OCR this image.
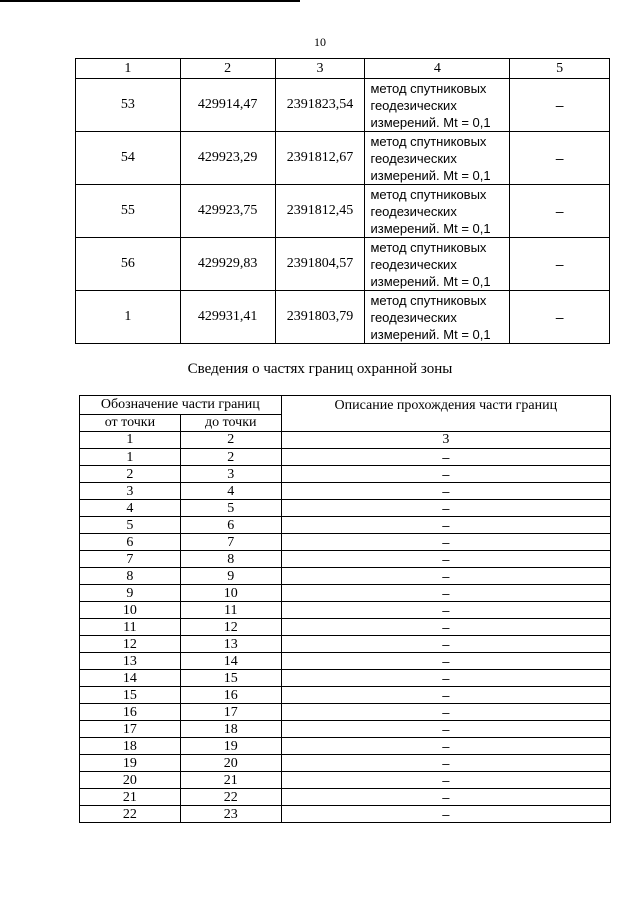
10
1	2	3	4	5
53	429914,47	2391823,54	метод спутниковых
геодезических
измерений. Mt = 0,1	–
54	429923,29	2391812,67	метод спутниковых
геодезических
измерений. Mt = 0,1	–
55	429923,75	2391812,45	метод спутниковых
геодезических
измерений. Mt = 0,1	–
56	429929,83	2391804,57	метод спутниковых
геодезических
измерений. Mt = 0,1	–
1	429931,41	2391803,79	метод спутниковых
геодезических
измерений. Mt = 0,1	–
Сведения о частях границ охранной зоны
Обозначение части границ		Описание прохождения части границ
от точки	до точки	
1	2	3
1	2	–
2	3	–
3	4	–
4	5	–
5	6	–
6	7	–
7	8	–
8	9	–
9	10	–
10	11	–
11	12	–
12	13	–
13	14	–
14	15	–
15	16	–
16	17	–
17	18	–
18	19	–
19	20	–
20	21	–
21	22	–
22	23	–
